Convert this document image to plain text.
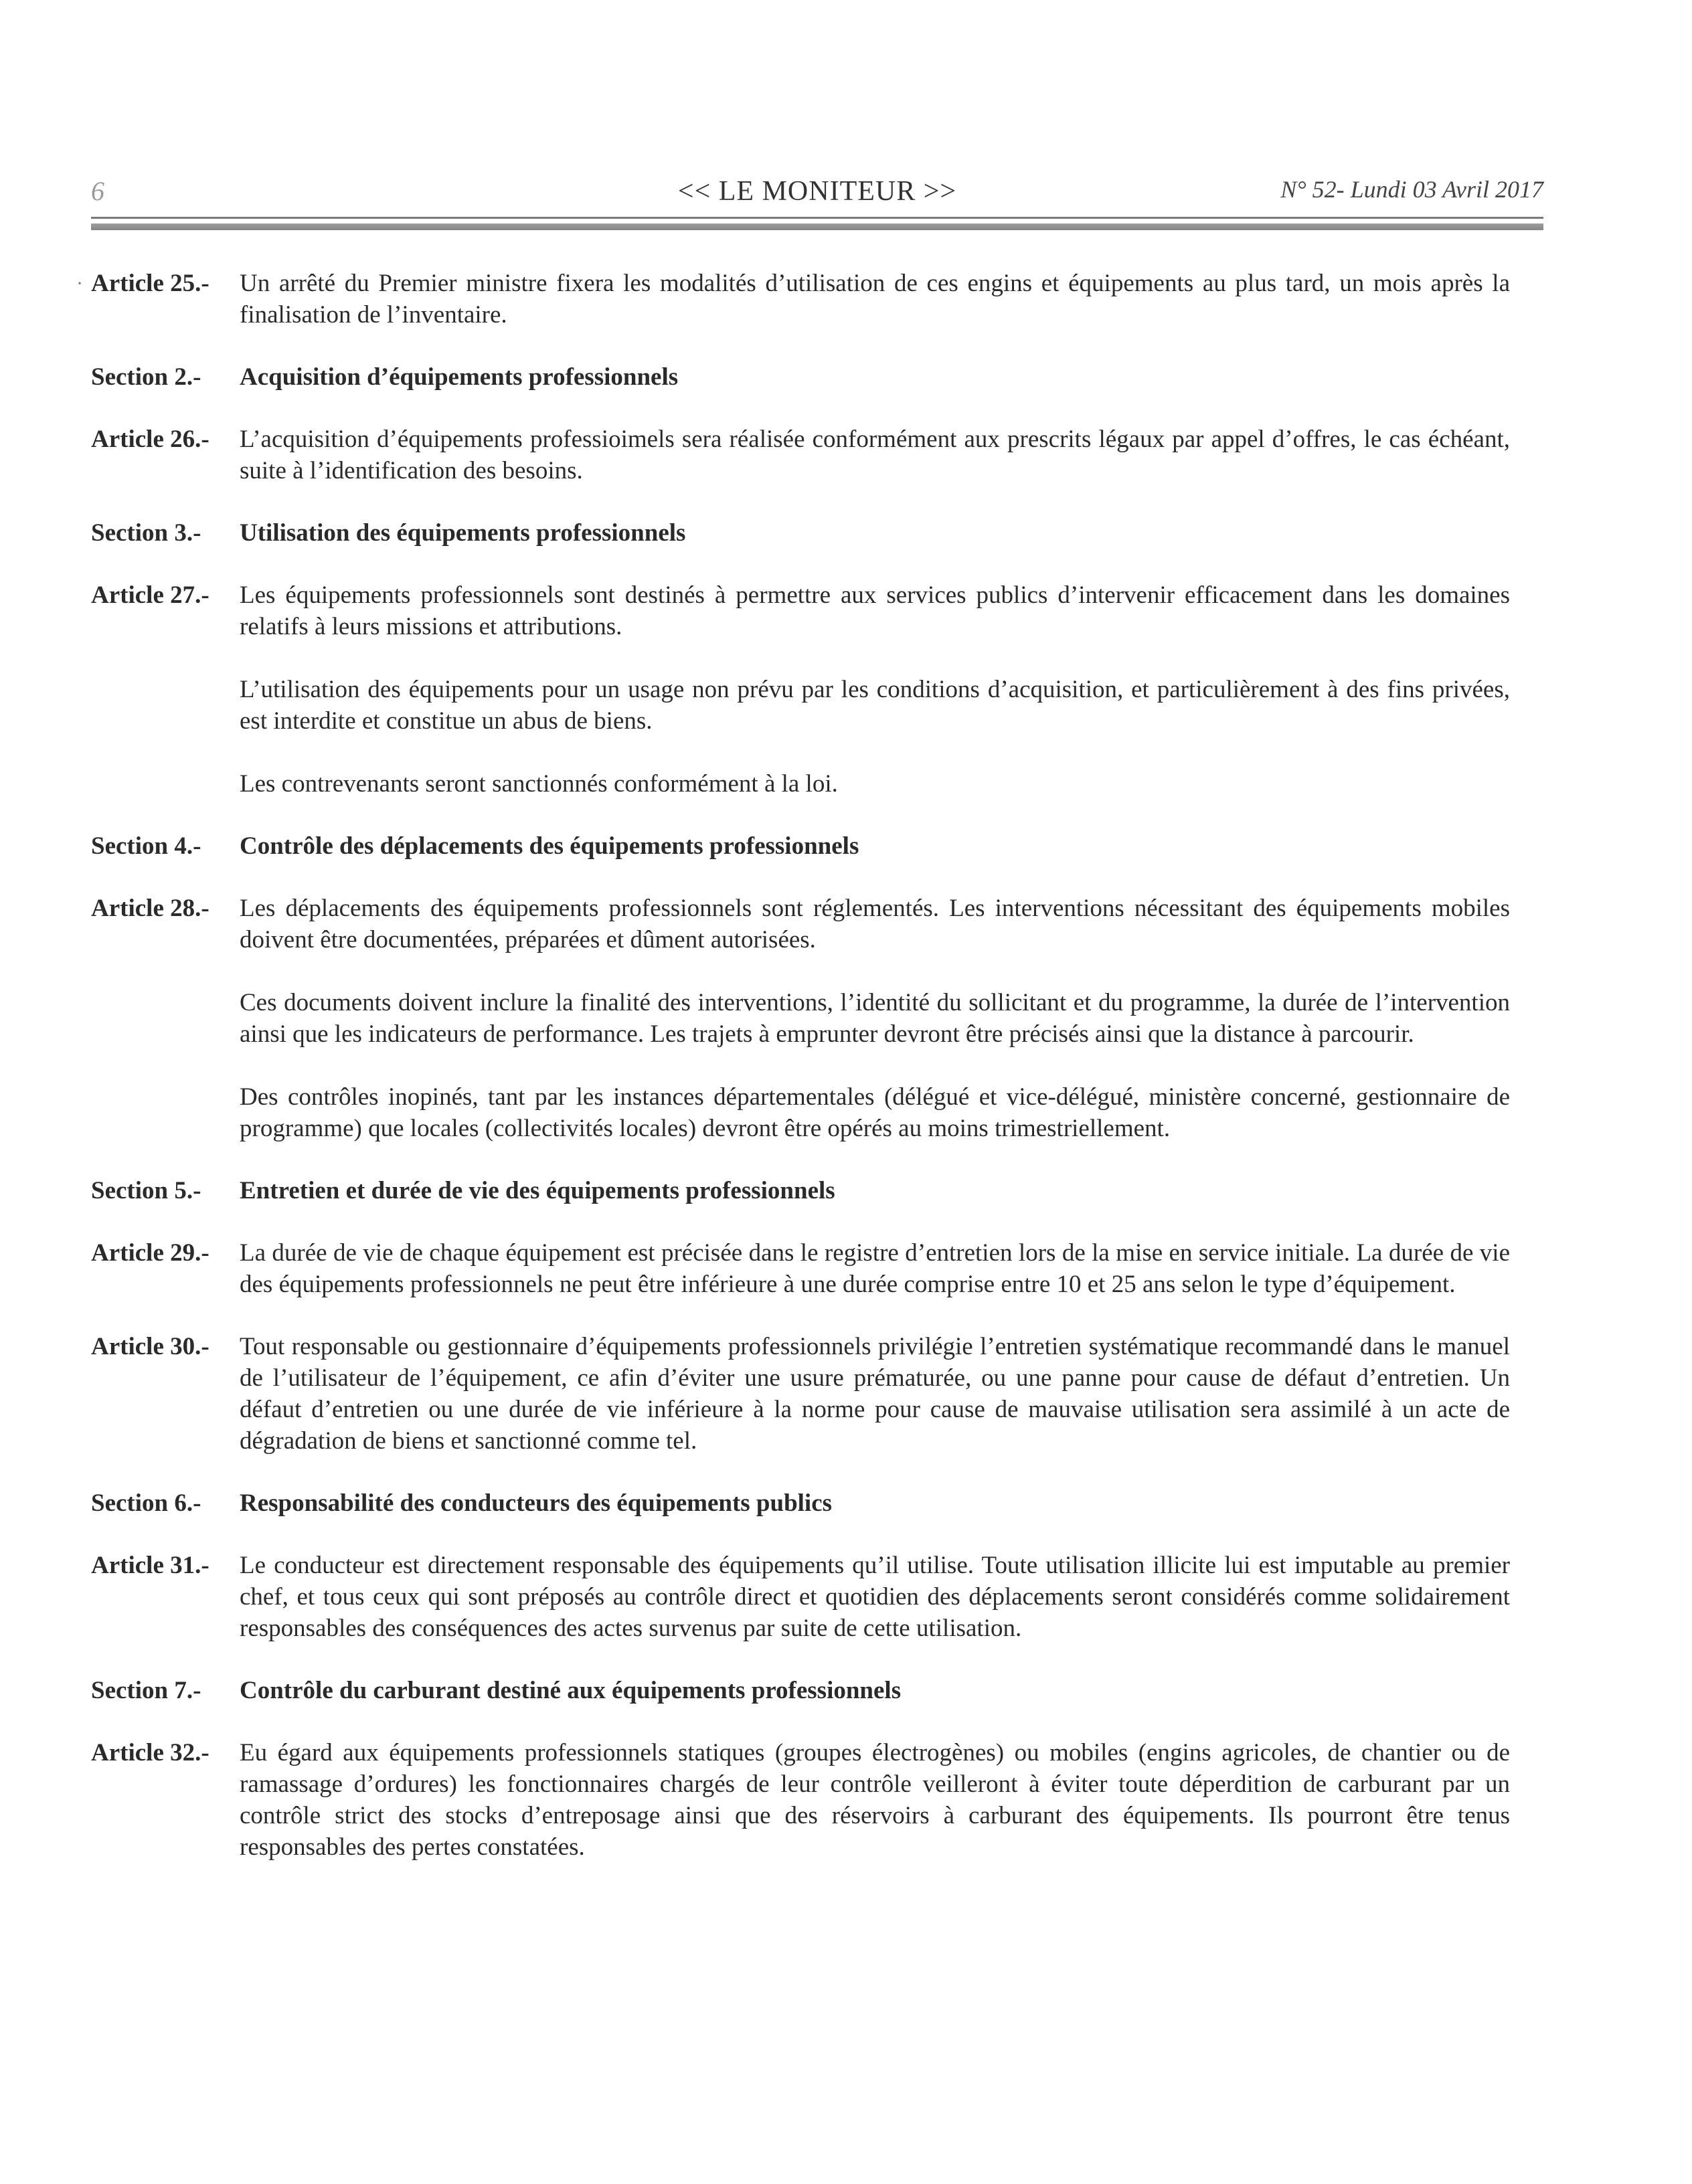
6	<< LE MONITEUR >>	N° 52- Lundi 03 Avril 2017
· Article 25.-	Un arrêté du Premier ministre fixera les modalités d’utilisation de ces engins et équipements au plus tard, un mois après la finalisation de l’inventaire.

Section 2.-	Acquisition d’équipements professionnels
Article 26.-	L’acquisition d’équipements professioimels sera réalisée conformément aux prescrits légaux par appel d’offres, le cas échéant, suite à l’identification des besoins.

Section 3.-	Utilisation des équipements professionnels
Article 27.-	Les équipements professionnels sont destinés à permettre aux services publics d’intervenir efficacement dans les domaines relatifs à leurs missions et attributions.

L’utilisation des équipements pour un usage non prévu par les conditions d’acquisition, et particulièrement à des fins privées, est interdite et constitue un abus de biens.

Les contrevenants seront sanctionnés conformément à la loi.

Section 4.-	Contrôle des déplacements des équipements professionnels
Article 28.-	Les déplacements des équipements professionnels sont réglementés. Les interventions nécessitant des équipements mobiles doivent être documentées, préparées et dûment autorisées.

Ces documents doivent inclure la finalité des interventions, l’identité du sollicitant et du programme, la durée de l’intervention ainsi que les indicateurs de performance. Les trajets à emprunter devront être précisés ainsi que la distance à parcourir.

Des contrôles inopinés, tant par les instances départementales (délégué et vice-délégué, ministère concerné, gestionnaire de programme) que locales (collectivités locales) devront être opérés au moins trimestriellement.

Section 5.-	Entretien et durée de vie des équipements professionnels
Article 29.-	La durée de vie de chaque équipement est précisée dans le registre d’entretien lors de la mise en service initiale. La durée de vie des équipements professionnels ne peut être inférieure à une durée comprise entre 10 et 25 ans selon le type d’équipement.

Article 30.-	Tout responsable ou gestionnaire d’équipements professionnels privilégie l’entretien systématique recommandé dans le manuel de l’utilisateur de l’équipement, ce afin d’éviter une usure prématurée, ou une panne pour cause de défaut d’entretien. Un défaut d’entretien ou une durée de vie inférieure à la norme pour cause de mauvaise utilisation sera assimilé à un acte de dégradation de biens et sanctionné comme tel.

Section 6.-	Responsabilité des conducteurs des équipements publics
Article 31.-	Le conducteur est directement responsable des équipements qu’il utilise. Toute utilisation illicite lui est imputable au premier chef, et tous ceux qui sont préposés au contrôle direct et quotidien des déplacements seront considérés comme solidairement responsables des conséquences des actes survenus par suite de cette utilisation.

Section 7.-	Contrôle du carburant destiné aux équipements professionnels
Article 32.-	Eu égard aux équipements professionnels statiques (groupes électrogènes) ou mobiles (engins agricoles, de chantier ou de ramassage d’ordures) les fonctionnaires chargés de leur contrôle veilleront à éviter toute déperdition de carburant par un contrôle strict des stocks d’entreposage ainsi que des réservoirs à carburant des équipements. Ils pourront être tenus responsables des pertes constatées.
